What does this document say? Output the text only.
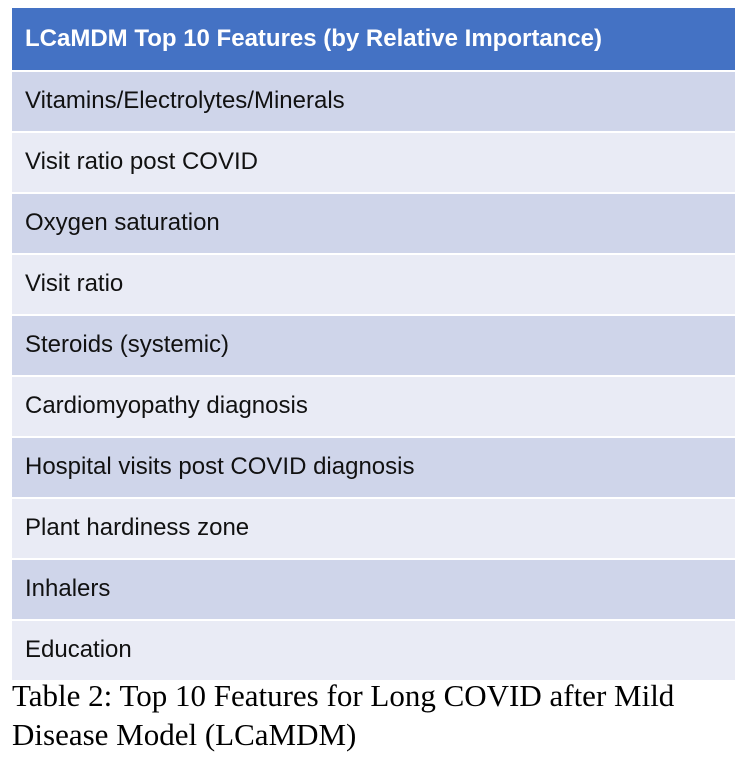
LCaMDM Top 10 Features (by Relative Importance)
Vitamins/Electrolytes/Minerals
Visit ratio post COVID
Oxygen saturation
Visit ratio
Steroids (systemic)
Cardiomyopathy diagnosis
Hospital visits post COVID diagnosis
Plant hardiness zone
Inhalers
Education
Table 2: Top 10 Features for Long COVID after Mild Disease Model (LCaMDM)
